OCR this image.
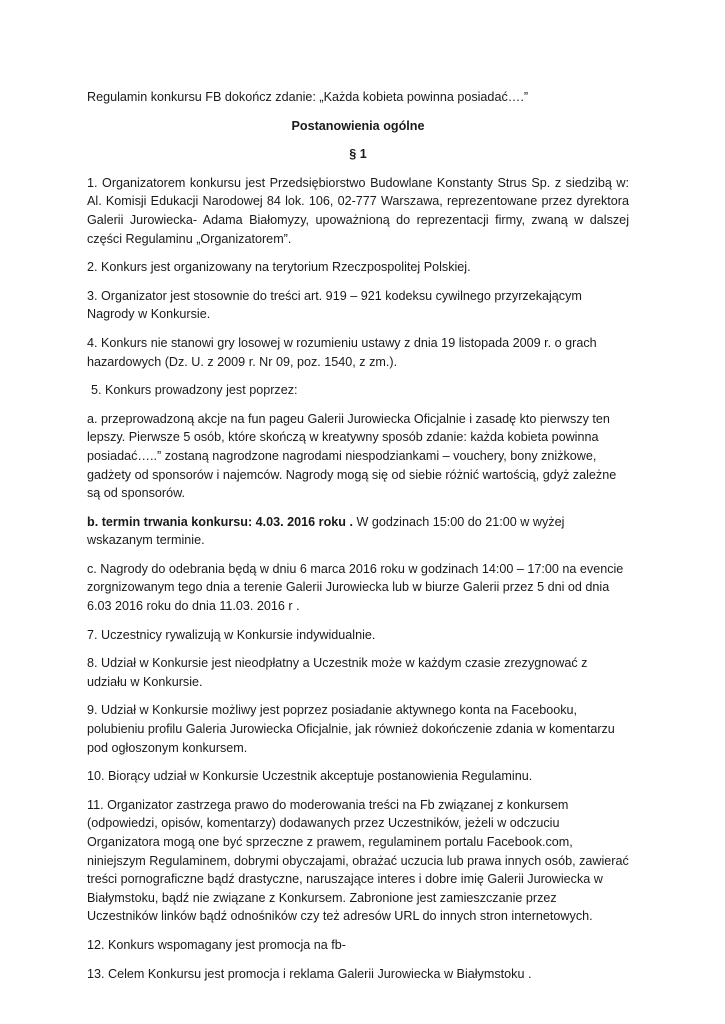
Regulamin konkursu FB dokończ zdanie: „Każda kobieta powinna posiadać….”

Postanowienia ogólne

§ 1

1. Organizatorem konkursu jest Przedsiębiorstwo Budowlane Konstanty Strus Sp. z siedzibą w: Al. Komisji Edukacji Narodowej 84 lok. 106, 02-777 Warszawa, reprezentowane przez dyrektora Galerii Jurowiecka- Adama Białomyzy, upoważnioną do reprezentacji firmy, zwaną w dalszej części Regulaminu „Organizatorem”.

2. Konkurs jest organizowany na terytorium Rzeczpospolitej Polskiej.

3. Organizator jest stosownie do treści art. 919 – 921 kodeksu cywilnego przyrzekającym Nagrody w Konkursie.

4. Konkurs nie stanowi gry losowej w rozumieniu ustawy z dnia 19 listopada 2009 r. o grach hazardowych (Dz. U. z 2009 r. Nr 09, poz. 1540, z zm.).

5. Konkurs prowadzony jest poprzez:

a. przeprowadzoną akcje na fun pageu Galerii Jurowiecka Oficjalnie i zasadę kto pierwszy ten lepszy. Pierwsze 5 osób, które skończą w kreatywny sposób zdanie: każda kobieta powinna posiadać…..” zostaną nagrodzone nagrodami niespodziankami – vouchery, bony zniżkowe, gadżety od sponsorów i najemców. Nagrody mogą się od siebie różnić wartością, gdyż zależne są od sponsorów.

b. termin trwania konkursu: 4.03. 2016 roku . W godzinach 15:00 do 21:00 w wyżej wskazanym terminie.

c. Nagrody do odebrania będą w dniu 6 marca 2016 roku w godzinach 14:00 – 17:00 na evencie zorgnizowanym tego dnia a terenie Galerii Jurowiecka lub w biurze Galerii przez 5 dni od dnia 6.03 2016 roku do dnia 11.03. 2016 r .

7. Uczestnicy rywalizują w Konkursie indywidualnie.

8. Udział w Konkursie jest nieodpłatny a Uczestnik może w każdym czasie zrezygnować z udziału w Konkursie.

9. Udział w Konkursie możliwy jest poprzez posiadanie aktywnego konta na Facebooku, polubieniu profilu Galeria Jurowiecka Oficjalnie, jak również dokończenie zdania w komentarzu pod ogłoszonym konkursem.

10. Biorący udział w Konkursie Uczestnik akceptuje postanowienia Regulaminu.

11. Organizator zastrzega prawo do moderowania treści na Fb związanej z konkursem (odpowiedzi, opisów, komentarzy) dodawanych przez Uczestników, jeżeli w odczuciu Organizatora mogą one być sprzeczne z prawem, regulaminem portalu Facebook.com, niniejszym Regulaminem, dobrymi obyczajami, obrażać uczucia lub prawa innych osób, zawierać treści pornograficzne bądź drastyczne, naruszające interes i dobre imię Galerii Jurowiecka w Białymstoku, bądź nie związane z Konkursem. Zabronione jest zamieszczanie przez Uczestników linków bądź odnośników czy też adresów URL do innych stron internetowych.

12. Konkurs wspomagany jest promocja na fb-

13. Celem Konkursu jest promocja i reklama Galerii Jurowiecka w Białymstoku .
